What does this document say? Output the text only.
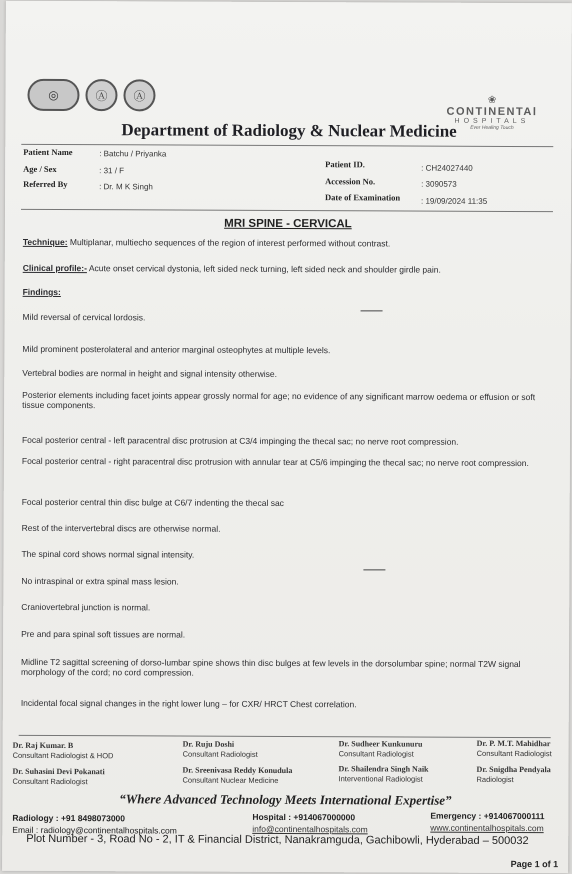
◎	Ⓐ	Ⓐ	❀
CONTINENTAl
HOSPITALS
Ever Healing Touch
Department of Radiology & Nuclear Medicine
Patient Name	: Batchu / Priyanka
Age / Sex	: 31 / F
Referred By	: Dr. M K Singh
Patient ID.	: CH24027440
Accession No.	: 3090573
Date of Examination	: 19/09/2024 11:35
MRI SPINE - CERVICAL
Technique: Multiplanar, multiecho sequences of the region of interest performed without contrast.
Clinical profile:- Acute onset cervical dystonia, left sided neck turning, left sided neck and shoulder girdle pain.
Findings:
Mild reversal of cervical lordosis.
Mild prominent posterolateral and anterior marginal osteophytes at multiple levels.
Vertebral bodies are normal in height and signal intensity otherwise.
Posterior elements including facet joints appear grossly normal for age; no evidence of any significant marrow oedema or effusion or soft tissue components.
Focal posterior central - left paracentral disc protrusion at C3/4 impinging the thecal sac; no nerve root compression.
Focal posterior central - right paracentral disc protrusion with annular tear at C5/6 impinging the thecal sac; no nerve root compression.
Focal posterior central thin disc bulge at C6/7 indenting the thecal sac
Rest of the intervertebral discs are otherwise normal.
The spinal cord shows normal signal intensity.
No intraspinal or extra spinal mass lesion.
Craniovertebral junction is normal.
Pre and para spinal soft tissues are normal.
Midline T2 sagittal screening of dorso-lumbar spine shows thin disc bulges at few levels in the dorsolumbar spine; normal T2W signal morphology of the cord; no cord compression.
Incidental focal signal changes in the right lower lung – for CXR/ HRCT Chest correlation.
Dr. Raj Kumar. B
Consultant Radiologist & HOD
Dr. Ruju Doshi
Consultant Radiologist
Dr. Sudheer Kunkunuru
Consultant Radiologist
Dr. P. M.T. Mahidhar
Consultant Radiologist
Dr. Suhasini Devi Pokanati
Consultant Radiologist
Dr. Sreenivasa Reddy Konudula
Consultant Nuclear Medicine
Dr. Shailendra Singh Naik
Interventional Radiologist
Dr. Snigdha Pendyala
Radiologist
“Where Advanced Technology Meets International Expertise”
Radiology : +91 8498073000
Email : radiology@continentalhospitals.com
Hospital : +914067000000
info@continentalhospitals.com
Emergency : +914067000111
www.continentalhospitals.com
Plot Number - 3, Road No - 2, IT & Financial District, Nanakramguda, Gachibowli, Hyderabad – 500032
Page 1 of 1
